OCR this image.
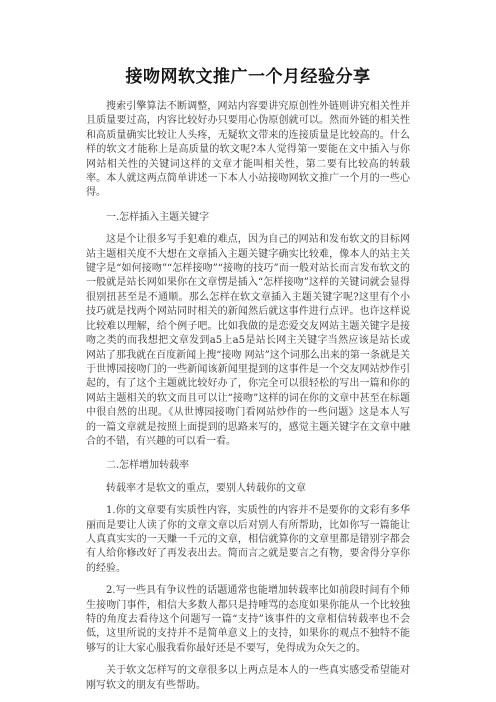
接吻网软文推广一个月经验分享

搜索引擎算法不断调整，网站内容要讲究原创性外链则讲究相关性并且质量要过高，内容比较好办只要用心伪原创就可以。然而外链的相关性和高质量确实比较让人头疼，无疑软文带来的连接质量是比较高的。什么样的软文才能称上是高质量的软文呢?本人觉得第一要能在文中插入与你网站相关性的关键词这样的文章才能叫相关性，第二要有比较高的转载率。本人就这两点简单讲述一下本人小站接吻网软文推广一个月的一些心得。

一.怎样插入主题关键字

这是个让很多写手犯难的难点，因为自己的网站和发布软文的目标网站主题相关度不大想在文章插入主题关键字确实比较难，像本人的站主关键字是“如何接吻”“怎样接吻”“接吻的技巧”而一般对站长而言发布软文的一般就是站长网如果你在文章愣是插入“怎样接吻”这样的关键词就会显得很别扭甚至是不通顺。那么怎样在软文章插入主题关键字呢?这里有个小技巧就是找两个网站同时相关的新闻然后就这事件进行点评。也许这样说比较难以理解，给个例子吧。比如我做的是恋爱交友网站主题关键字是接吻之类的而我想把文章发到a5上a5是站长网主关键字当然应该是站长或网站了那我就在百度新闻上搜“接吻 网站”这个词那么出来的第一条就是关于世博园接吻门的一些新闻该新闻里提到的这事件是一个交友网站炒作引起的，有了这个主题就比较好办了，你完全可以很轻松的写出一篇和你的网站主题相关的软文而且可以让“接吻”这样的词在你的文章中甚至在标题中很自然的出现。《从世博园接吻门看网站炒作的一些问题》这是本人写的一篇文章就是按照上面提到的思路来写的，感觉主题关键字在文章中融合的不错，有兴趣的可以看一看。

二.怎样增加转载率

转载率才是软文的重点，要别人转载你的文章

1.你的文章要有实质性内容，实质性的内容并不是要你的文彩有多华丽而是要让人读了你的文章文章以后对别人有所帮助，比如你写一篇能让人真真实实的一天赚一千元的文章，相信就算你的文章里都是错别字都会有人给你修改好了再发表出去。简而言之就是要言之有物，要舍得分享你的经验。

2.写一些具有争议性的话题通常也能增加转载率比如前段时间有个师生接吻门事件，相信大多数人都只是持唾骂的态度如果你能从一个比较独特的角度去看待这个问题写一篇“支持”该事件的文章相信转载率也不会低，这里所说的支持并不是简单意义上的支持，如果你的观点不独特不能够写的让大家心服我看你最好还是不要写，免得成为众矢之的。

关于软文怎样写的文章很多以上两点是本人的一些真实感受希望能对刚写软文的朋友有些帮助。
